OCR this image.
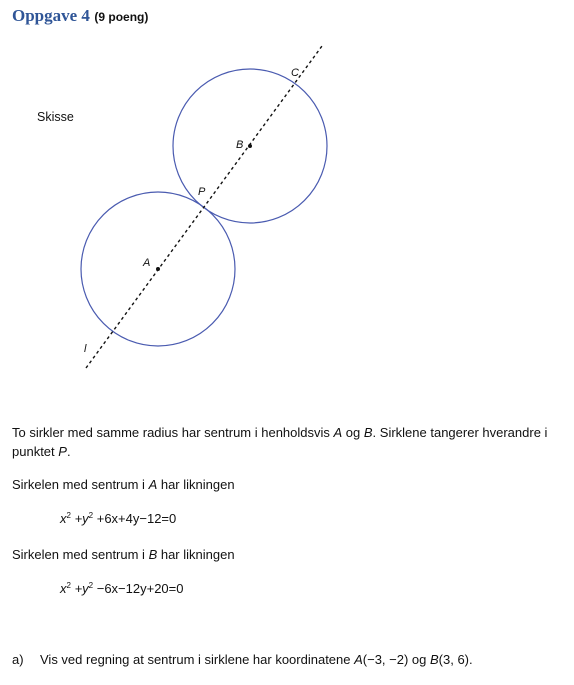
Oppgave 4 (9 poeng)
Skisse
A
B
C
P
l
To sirkler med samme radius har sentrum i henholdsvis A og B. Sirklene tangerer hverandre i punktet P.
Sirkelen med sentrum i A har likningen
$x^2 +y^2 +6x+4y-12=0$
Sirkelen med sentrum i B har likningen
$x^2 +y^2 -6x-12y+20=0$
a) Vis ved regning at sentrum i sirklene har koordinatene A(−3, −2) og B(3, 6).
